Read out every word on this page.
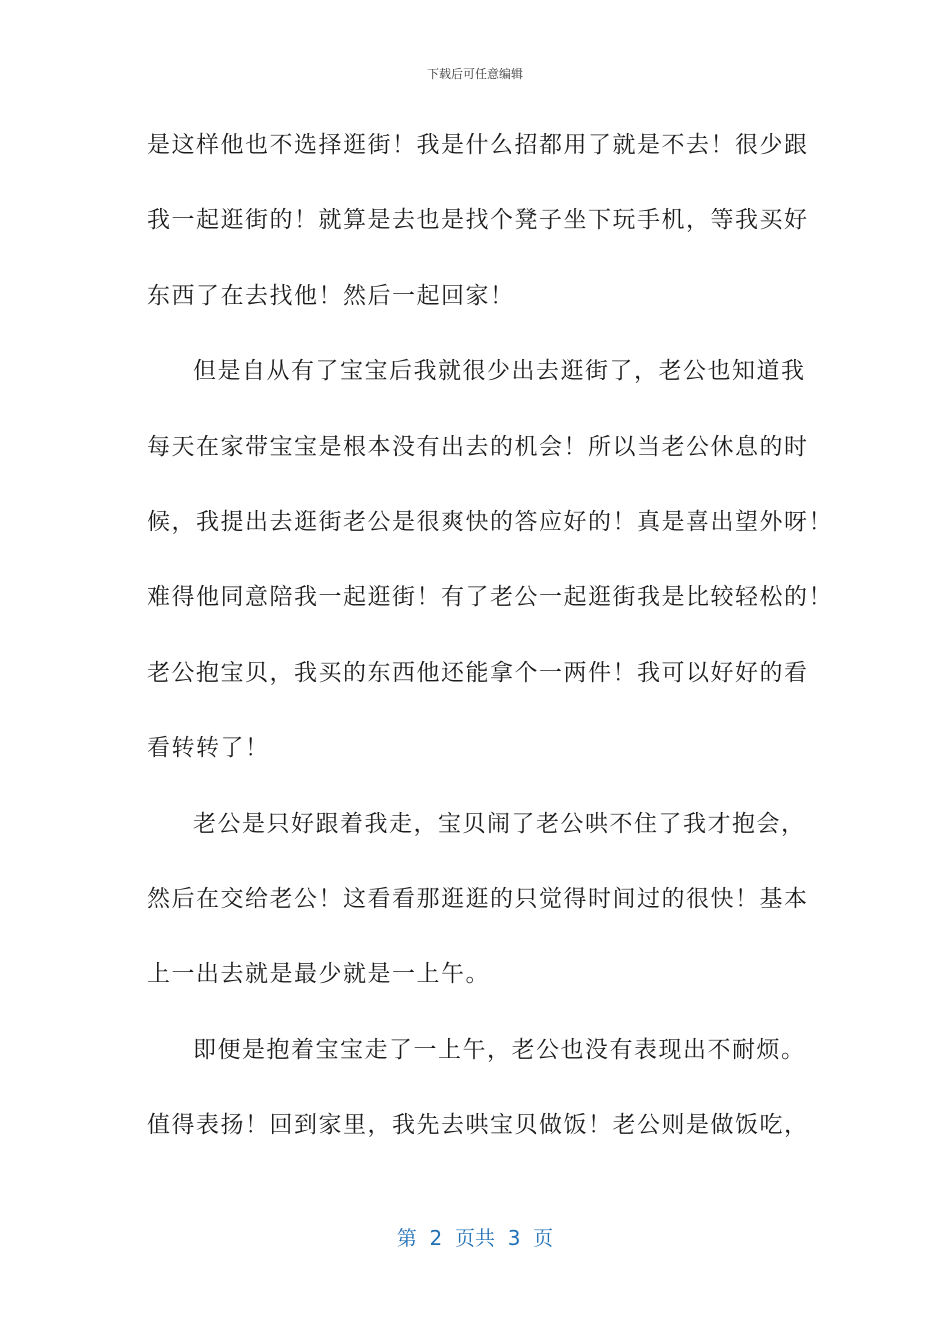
下载后可任意编辑
是这样他也不选择逛街！我是什么招都用了就是不去！很少跟
我一起逛街的！就算是去也是找个凳子坐下玩手机，等我买好
东西了在去找他！然后一起回家！
但是自从有了宝宝后我就很少出去逛街了，老公也知道我
每天在家带宝宝是根本没有出去的机会！所以当老公休息的时
候，我提出去逛街老公是很爽快的答应好的！真是喜出望外呀！
难得他同意陪我一起逛街！有了老公一起逛街我是比较轻松的！
老公抱宝贝，我买的东西他还能拿个一两件！我可以好好的看
看转转了！
老公是只好跟着我走，宝贝闹了老公哄不住了我才抱会，
然后在交给老公！这看看那逛逛的只觉得时间过的很快！基本
上一出去就是最少就是一上午。
即便是抱着宝宝走了一上午，老公也没有表现出不耐烦。
值得表扬！回到家里，我先去哄宝贝做饭！老公则是做饭吃，
第 2 页共 3 页
